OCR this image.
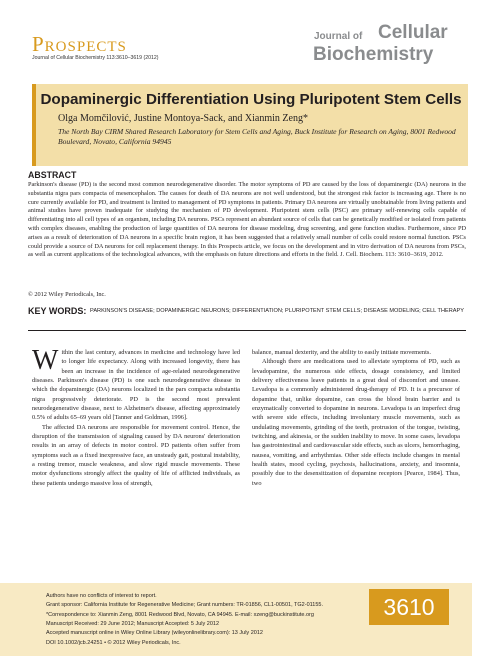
Prospects
Journal of Cellular Biochemistry 113:3610–3619 (2012)
Journal of Cellular
Biochemistry
Dopaminergic Differentiation Using Pluripotent Stem Cells
Olga Momčilović, Justine Montoya-Sack, and Xianmin Zeng*
The North Bay CIRM Shared Research Laboratory for Stem Cells and Aging, Buck Institute for Research on Aging, 8001 Redwood Boulevard, Novato, California 94945
ABSTRACT

Parkinson's disease (PD) is the second most common neurodegenerative disorder. The motor symptoms of PD are caused by the loss of dopaminergic (DA) neurons in the substantia nigra pars compacta of mesencephalon. The causes for death of DA neurons are not well understood, but the strongest risk factor is increasing age. There is no cure currently available for PD, and treatment is limited to management of PD symptoms in patients. Primary DA neurons are virtually unobtainable from living patients and animal studies have proven inadequate for studying the mechanism of PD development. Pluripotent stem cells (PSC) are primary self-renewing cells capable of differentiating into all cell types of an organism, including DA neurons. PSCs represent an abundant source of cells that can be genetically modified or isolated from patients with complex diseases, enabling the production of large quantities of DA neurons for disease modeling, drug screening, and gene function studies. Furthermore, since PD arises as a result of deterioration of DA neurons in a specific brain region, it has been suggested that a relatively small number of cells could restore normal function. PSCs could provide a source of DA neurons for cell replacement therapy. In this Prospects article, we focus on the development and in vitro derivation of DA neurons from PSCs, as well as current applications of the technological advances, with the emphasis on future directions and efforts in the field. J. Cell. Biochem. 113: 3610–3619, 2012.

© 2012 Wiley Periodicals, Inc.
KEY WORDS: PARKINSON'S DISEASE; DOPAMINERGIC NEURONS; DIFFERENTIATION; PLURIPOTENT STEM CELLS; DISEASE MODELING; CELL THERAPY

Within the last century, advances in medicine and technology have led to longer life expectancy. Along with increased longevity, there has been an increase in the incidence of age-related neurodegenerative diseases. Parkinson's disease (PD) is one such neurodegenerative disease in which the dopaminergic (DA) neurons localized in the pars compacta substantia nigra progressively deteriorate. PD is the second most prevalent neurodegenerative disease, next to Alzheimer's disease, affecting approximately 0.5% of adults 65–69 years old [Tanner and Goldman, 1996].

The affected DA neurons are responsible for movement control. Hence, the disruption of the transmission of signaling caused by DA neurons' deterioration results in an array of defects in motor control. PD patients often suffer from symptoms such as a fixed inexpressive face, an unsteady gait, postural instability, a resting tremor, muscle weakness, and slow rigid muscle movements. These motor dysfunctions strongly affect the quality of life of afflicted individuals, as these patients undergo massive loss of strength,

balance, manual dexterity, and the ability to easily initiate movements.

Although there are medications used to alleviate symptoms of PD, such as levadopamine, the numerous side effects, dosage consistency, and limited delivery effectiveness leave patients in a great deal of discomfort and unease. Levadopa is a commonly administered drug-therapy of PD. It is a precursor of dopamine that, unlike dopamine, can cross the blood brain barrier and is enzymatically converted to dopamine in neurons. Levadopa is an imperfect drug with severe side effects, including involuntary muscle movements, such as undulating movements, grinding of the teeth, protrusion of the tongue, twisting, twitching, and akinesia, or the sudden inability to move. In some cases, levadopa has gastrointestinal and cardiovascular side effects, such as ulcers, hemorrhaging, nausea, vomiting, and arrhythmias. Other side effects include changes in mental health states, mood cycling, psychosis, hallucinations, anxiety, and insomnia, possibly due to the desensitization of dopamine receptors [Pearce, 1984]. Thus, two

Authors have no conflicts of interest to report.
Grant sponsor: California Institute for Regenerative Medicine; Grant numbers: TR-01856, CL1-00501, TG2-01155.
*Correspondence to: Xianmin Zeng, 8001 Redwood Blvd, Novato, CA 94945. E-mail: xzeng@buckinstitute.org
Manuscript Received: 29 June 2012; Manuscript Accepted: 5 July 2012
Accepted manuscript online in Wiley Online Library (wileyonlinelibrary.com): 13 July 2012
DOI 10.1002/jcb.24251 • © 2012 Wiley Periodicals, Inc.
3610
